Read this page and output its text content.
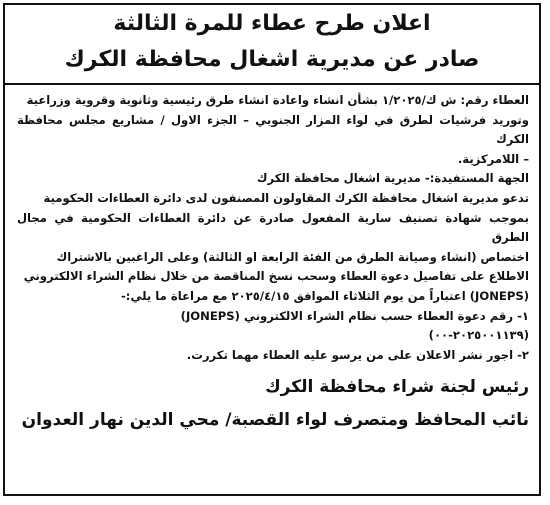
اعلان طرح عطاء للمرة الثالثة
صادر عن مديرية اشغال محافظة الكرك

العطاء رقم: ش ك/١/٢٠٢٥ بشأن انشاء واعادة انشاء طرق رئيسية وثانوية وقروية وزراعية

وتوريد فرشيات لطرق في لواء المزار الجنوبي – الجزء الاول / مشاريع مجلس محافظة الكرك

– اللامركزية.

الجهة المستفيدة:- مديرية اشغال محافظة الكرك

تدعو مديرية اشغال محافظة الكرك المقاولون المصنفون لدى دائرة العطاءات الحكومية

بموجب شهادة تصنيف سارية المفعول صادرة عن دائرة العطاءات الحكومية في مجال الطرق

اختصاص (انشاء وصيانة الطرق من الفئة الرابعة او الثالثة) وعلى الراغبين بالاشتراك

الاطلاع على تفاصيل دعوة العطاء وسحب نسخ المناقصة من خلال نظام الشراء الالكتروني

(JONEPS) اعتباراً من يوم الثلاثاء الموافق ٢٠٢٥/٤/١٥ مع مراعاة ما يلي:-

١- رقم دعوة العطاء حسب نظام الشراء الالكتروني (JONEPS)

(٢٠٢٥٠٠١١٣٩-٠٠)

٢- اجور نشر الاعلان على من يرسو عليه العطاء مهما تكررت.

رئيس لجنة شراء محافظة الكرك

نائب المحافظ ومتصرف لواء القصبة/ محي الدين نهار العدوان
